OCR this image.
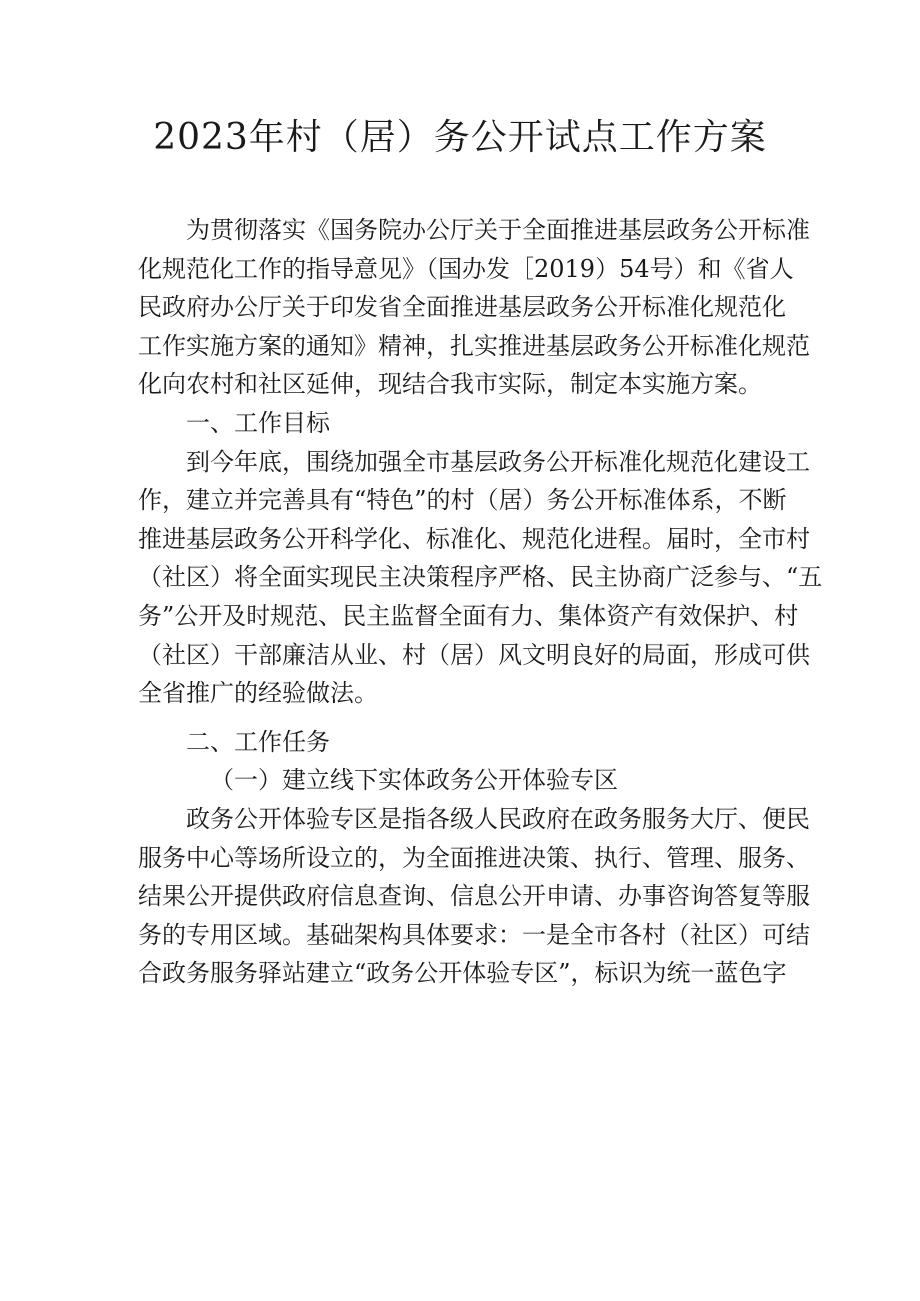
2023年村（居）务公开试点工作方案
为贯彻落实《国务院办公厅关于全面推进基层政务公开标准
化规范化工作的指导意见》（国办发［2019）54号）和《省人
民政府办公厅关于印发省全面推进基层政务公开标准化规范化
工作实施方案的通知》精神，扎实推进基层政务公开标准化规范
化向农村和社区延伸，现结合我市实际，制定本实施方案。
一、工作目标
到今年底，围绕加强全市基层政务公开标准化规范化建设工
作，建立并完善具有“特色”的村（居）务公开标准体系，不断
推进基层政务公开科学化、标准化、规范化进程。届时，全市村
（社区）将全面实现民主决策程序严格、民主协商广泛参与、“五
务”公开及时规范、民主监督全面有力、集体资产有效保护、村
（社区）干部廉洁从业、村（居）风文明良好的局面，形成可供
全省推广的经验做法。
二、工作任务
（一）建立线下实体政务公开体验专区
政务公开体验专区是指各级人民政府在政务服务大厅、便民
服务中心等场所设立的，为全面推进决策、执行、管理、服务、
结果公开提供政府信息查询、信息公开申请、办事咨询答复等服
务的专用区域。基础架构具体要求：一是全市各村（社区）可结
合政务服务驿站建立“政务公开体验专区”，标识为统一蓝色字
